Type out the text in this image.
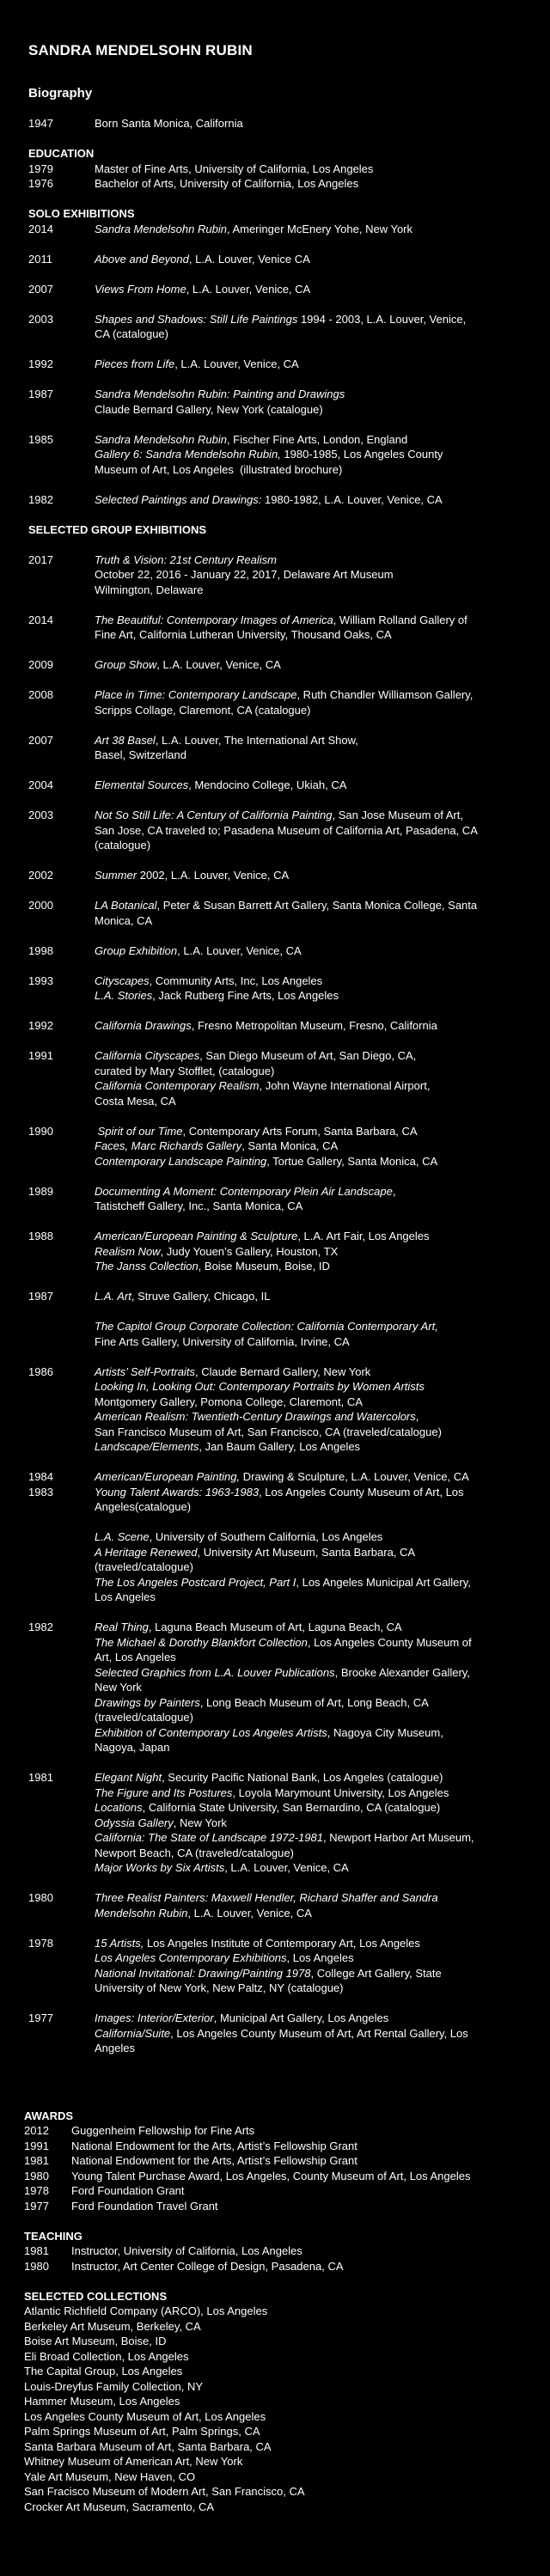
SANDRA MENDELSOHN RUBIN
Biography
1947	Born Santa Monica, California
EDUCATION
1979	Master of Fine Arts, University of California, Los Angeles
1976	Bachelor of Arts, University of California, Los Angeles
SOLO EXHIBITIONS
2014	Sandra Mendelsohn Rubin, Ameringer McEnery Yohe, New York
2011	Above and Beyond, L.A. Louver, Venice CA
2007	Views From Home, L.A. Louver, Venice, CA
2003	Shapes and Shadows: Still Life Paintings 1994 - 2003, L.A. Louver, Venice,
CA (catalogue)
1992	Pieces from Life, L.A. Louver, Venice, CA
1987	Sandra Mendelsohn Rubin: Painting and Drawings
Claude Bernard Gallery, New York (catalogue)
1985	Sandra Mendelsohn Rubin, Fischer Fine Arts, London, England
Gallery 6: Sandra Mendelsohn Rubin, 1980-1985, Los Angeles County
Museum of Art, Los Angeles  (illustrated brochure)
1982	Selected Paintings and Drawings: 1980-1982, L.A. Louver, Venice, CA
SELECTED GROUP EXHIBITIONS
2017	Truth & Vision: 21st Century Realism
October 22, 2016 - January 22, 2017, Delaware Art Museum
Wilmington, Delaware
2014	The Beautiful: Contemporary Images of America, William Rolland Gallery of
Fine Art, California Lutheran University, Thousand Oaks, CA
2009	Group Show, L.A. Louver, Venice, CA
2008	Place in Time: Contemporary Landscape, Ruth Chandler Williamson Gallery,
Scripps Collage, Claremont, CA (catalogue)
2007	Art 38 Basel, L.A. Louver, The International Art Show,
Basel, Switzerland
2004	Elemental Sources, Mendocino College, Ukiah, CA
2003	Not So Still Life: A Century of California Painting, San Jose Museum of Art,
San Jose, CA traveled to; Pasadena Museum of California Art, Pasadena, CA
(catalogue)
2002	Summer 2002, L.A. Louver, Venice, CA
2000	LA Botanical, Peter & Susan Barrett Art Gallery, Santa Monica College, Santa
Monica, CA
1998	Group Exhibition, L.A. Louver, Venice, CA
1993	Cityscapes, Community Arts, Inc, Los Angeles
L.A. Stories, Jack Rutberg Fine Arts, Los Angeles
1992	California Drawings, Fresno Metropolitan Museum, Fresno, California
1991	California Cityscapes, San Diego Museum of Art, San Diego, CA,
curated by Mary Stofflet, (catalogue)
California Contemporary Realism, John Wayne International Airport,
Costa Mesa, CA
1990	Spirit of our Time, Contemporary Arts Forum, Santa Barbara, CA
Faces, Marc Richards Gallery, Santa Monica, CA
Contemporary Landscape Painting, Tortue Gallery, Santa Monica, CA
1989	Documenting A Moment: Contemporary Plein Air Landscape,
Tatistcheff Gallery, Inc., Santa Monica, CA
1988	American/European Painting & Sculpture, L.A. Art Fair, Los Angeles
Realism Now, Judy Youen’s Gallery, Houston, TX
The Janss Collection, Boise Museum, Boise, ID
1987	L.A. Art, Struve Gallery, Chicago, IL
The Capitol Group Corporate Collection: California Contemporary Art,
Fine Arts Gallery, University of California, Irvine, CA
1986	Artists’ Self-Portraits, Claude Bernard Gallery, New York
Looking In, Looking Out: Contemporary Portraits by Women Artists
Montgomery Gallery, Pomona College, Claremont, CA
American Realism: Twentieth-Century Drawings and Watercolors,
San Francisco Museum of Art, San Francisco, CA (traveled/catalogue)
Landscape/Elements, Jan Baum Gallery, Los Angeles
1984	American/European Painting, Drawing & Sculpture, L.A. Louver, Venice, CA
1983	Young Talent Awards: 1963-1983, Los Angeles County Museum of Art, Los
Angeles(catalogue)
L.A. Scene, University of Southern California, Los Angeles
A Heritage Renewed, University Art Museum, Santa Barbara, CA
(traveled/catalogue)
The Los Angeles Postcard Project, Part I, Los Angeles Municipal Art Gallery,
Los Angeles
1982	Real Thing, Laguna Beach Museum of Art, Laguna Beach, CA
The Michael & Dorothy Blankfort Collection, Los Angeles County Museum of
Art, Los Angeles
Selected Graphics from L.A. Louver Publications, Brooke Alexander Gallery,
New York
Drawings by Painters, Long Beach Museum of Art, Long Beach, CA
(traveled/catalogue)
Exhibition of Contemporary Los Angeles Artists, Nagoya City Museum,
Nagoya, Japan
1981	Elegant Night, Security Pacific National Bank, Los Angeles (catalogue)
The Figure and Its Postures, Loyola Marymount University, Los Angeles
Locations, California State University, San Bernardino, CA (catalogue)
Odyssia Gallery, New York
California: The State of Landscape 1972-1981, Newport Harbor Art Museum,
Newport Beach, CA (traveled/catalogue)
Major Works by Six Artists, L.A. Louver, Venice, CA
1980	Three Realist Painters: Maxwell Hendler, Richard Shaffer and Sandra
Mendelsohn Rubin, L.A. Louver, Venice, CA
1978	15 Artists, Los Angeles Institute of Contemporary Art, Los Angeles
Los Angeles Contemporary Exhibitions, Los Angeles
National Invitational: Drawing/Painting 1978, College Art Gallery, State
University of New York, New Paltz, NY (catalogue)
1977	Images: Interior/Exterior, Municipal Art Gallery, Los Angeles
California/Suite, Los Angeles County Museum of Art, Art Rental Gallery, Los
Angeles
AWARDS
2012	Guggenheim Fellowship for Fine Arts
1991	National Endowment for the Arts, Artist’s Fellowship Grant
1981	National Endowment for the Arts, Artist’s Fellowship Grant
1980	Young Talent Purchase Award, Los Angeles, County Museum of Art, Los Angeles
1978	Ford Foundation Grant
1977	Ford Foundation Travel Grant
TEACHING
1981	Instructor, University of California, Los Angeles
1980	Instructor, Art Center College of Design, Pasadena, CA
SELECTED COLLECTIONS
Atlantic Richfield Company (ARCO), Los Angeles
Berkeley Art Museum, Berkeley, CA
Boise Art Museum, Boise, ID
Eli Broad Collection, Los Angeles
The Capital Group, Los Angeles
Louis-Dreyfus Family Collection, NY
Hammer Museum, Los Angeles
Los Angeles County Museum of Art, Los Angeles
Palm Springs Museum of Art, Palm Springs, CA
Santa Barbara Museum of Art, Santa Barbara, CA
Whitney Museum of American Art, New York
Yale Art Museum, New Haven, CO
San Fracisco Museum of Modern Art, San Francisco, CA
Crocker Art Museum, Sacramento, CA
